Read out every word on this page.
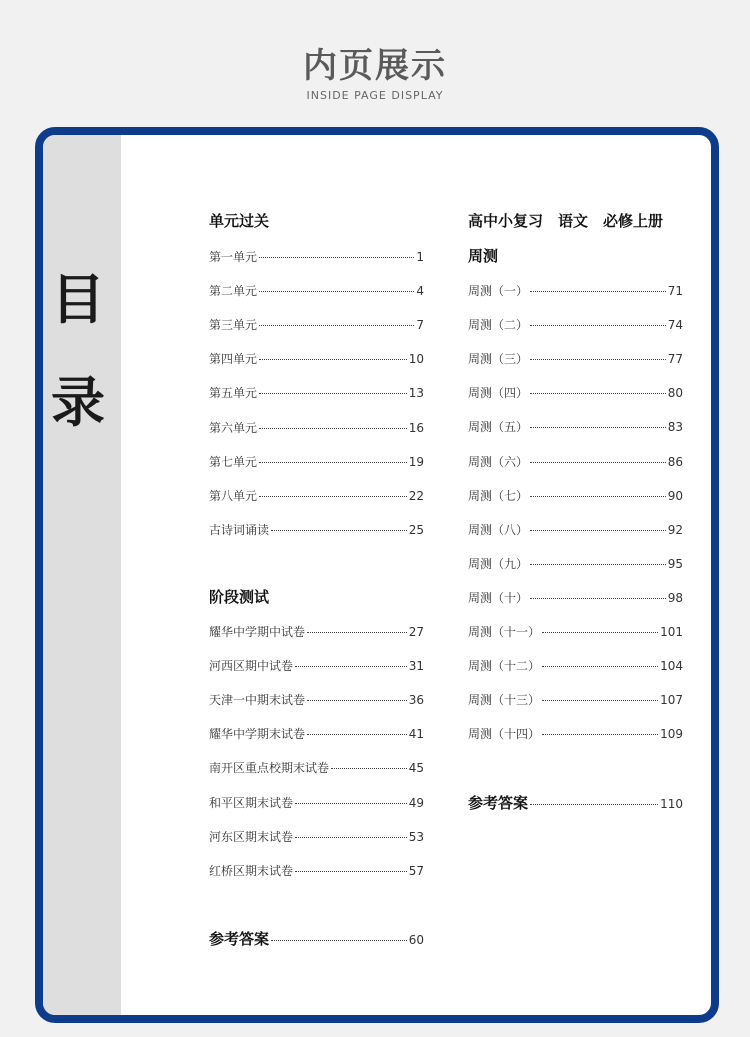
内页展示
INSIDE PAGE DISPLAY
目
录
单元过关
阶段测试
高中小复习　语文　必修上册
周测
第一单元	1
第二单元	4
第三单元	7
第四单元	10
第五单元	13
第六单元	16
第七单元	19
第八单元	22
古诗词诵读	25
耀华中学期中试卷	27
河西区期中试卷	31
天津一中期末试卷	36
耀华中学期末试卷	41
南开区重点校期末试卷	45
和平区期末试卷	49
河东区期末试卷	53
红桥区期末试卷	57
参考答案	60
周测（一）	71
周测（二）	74
周测（三）	77
周测（四）	80
周测（五）	83
周测（六）	86
周测（七）	90
周测（八）	92
周测（九）	95
周测（十）	98
周测（十一）	101
周测（十二）	104
周测（十三）	107
周测（十四）	109
参考答案	110
